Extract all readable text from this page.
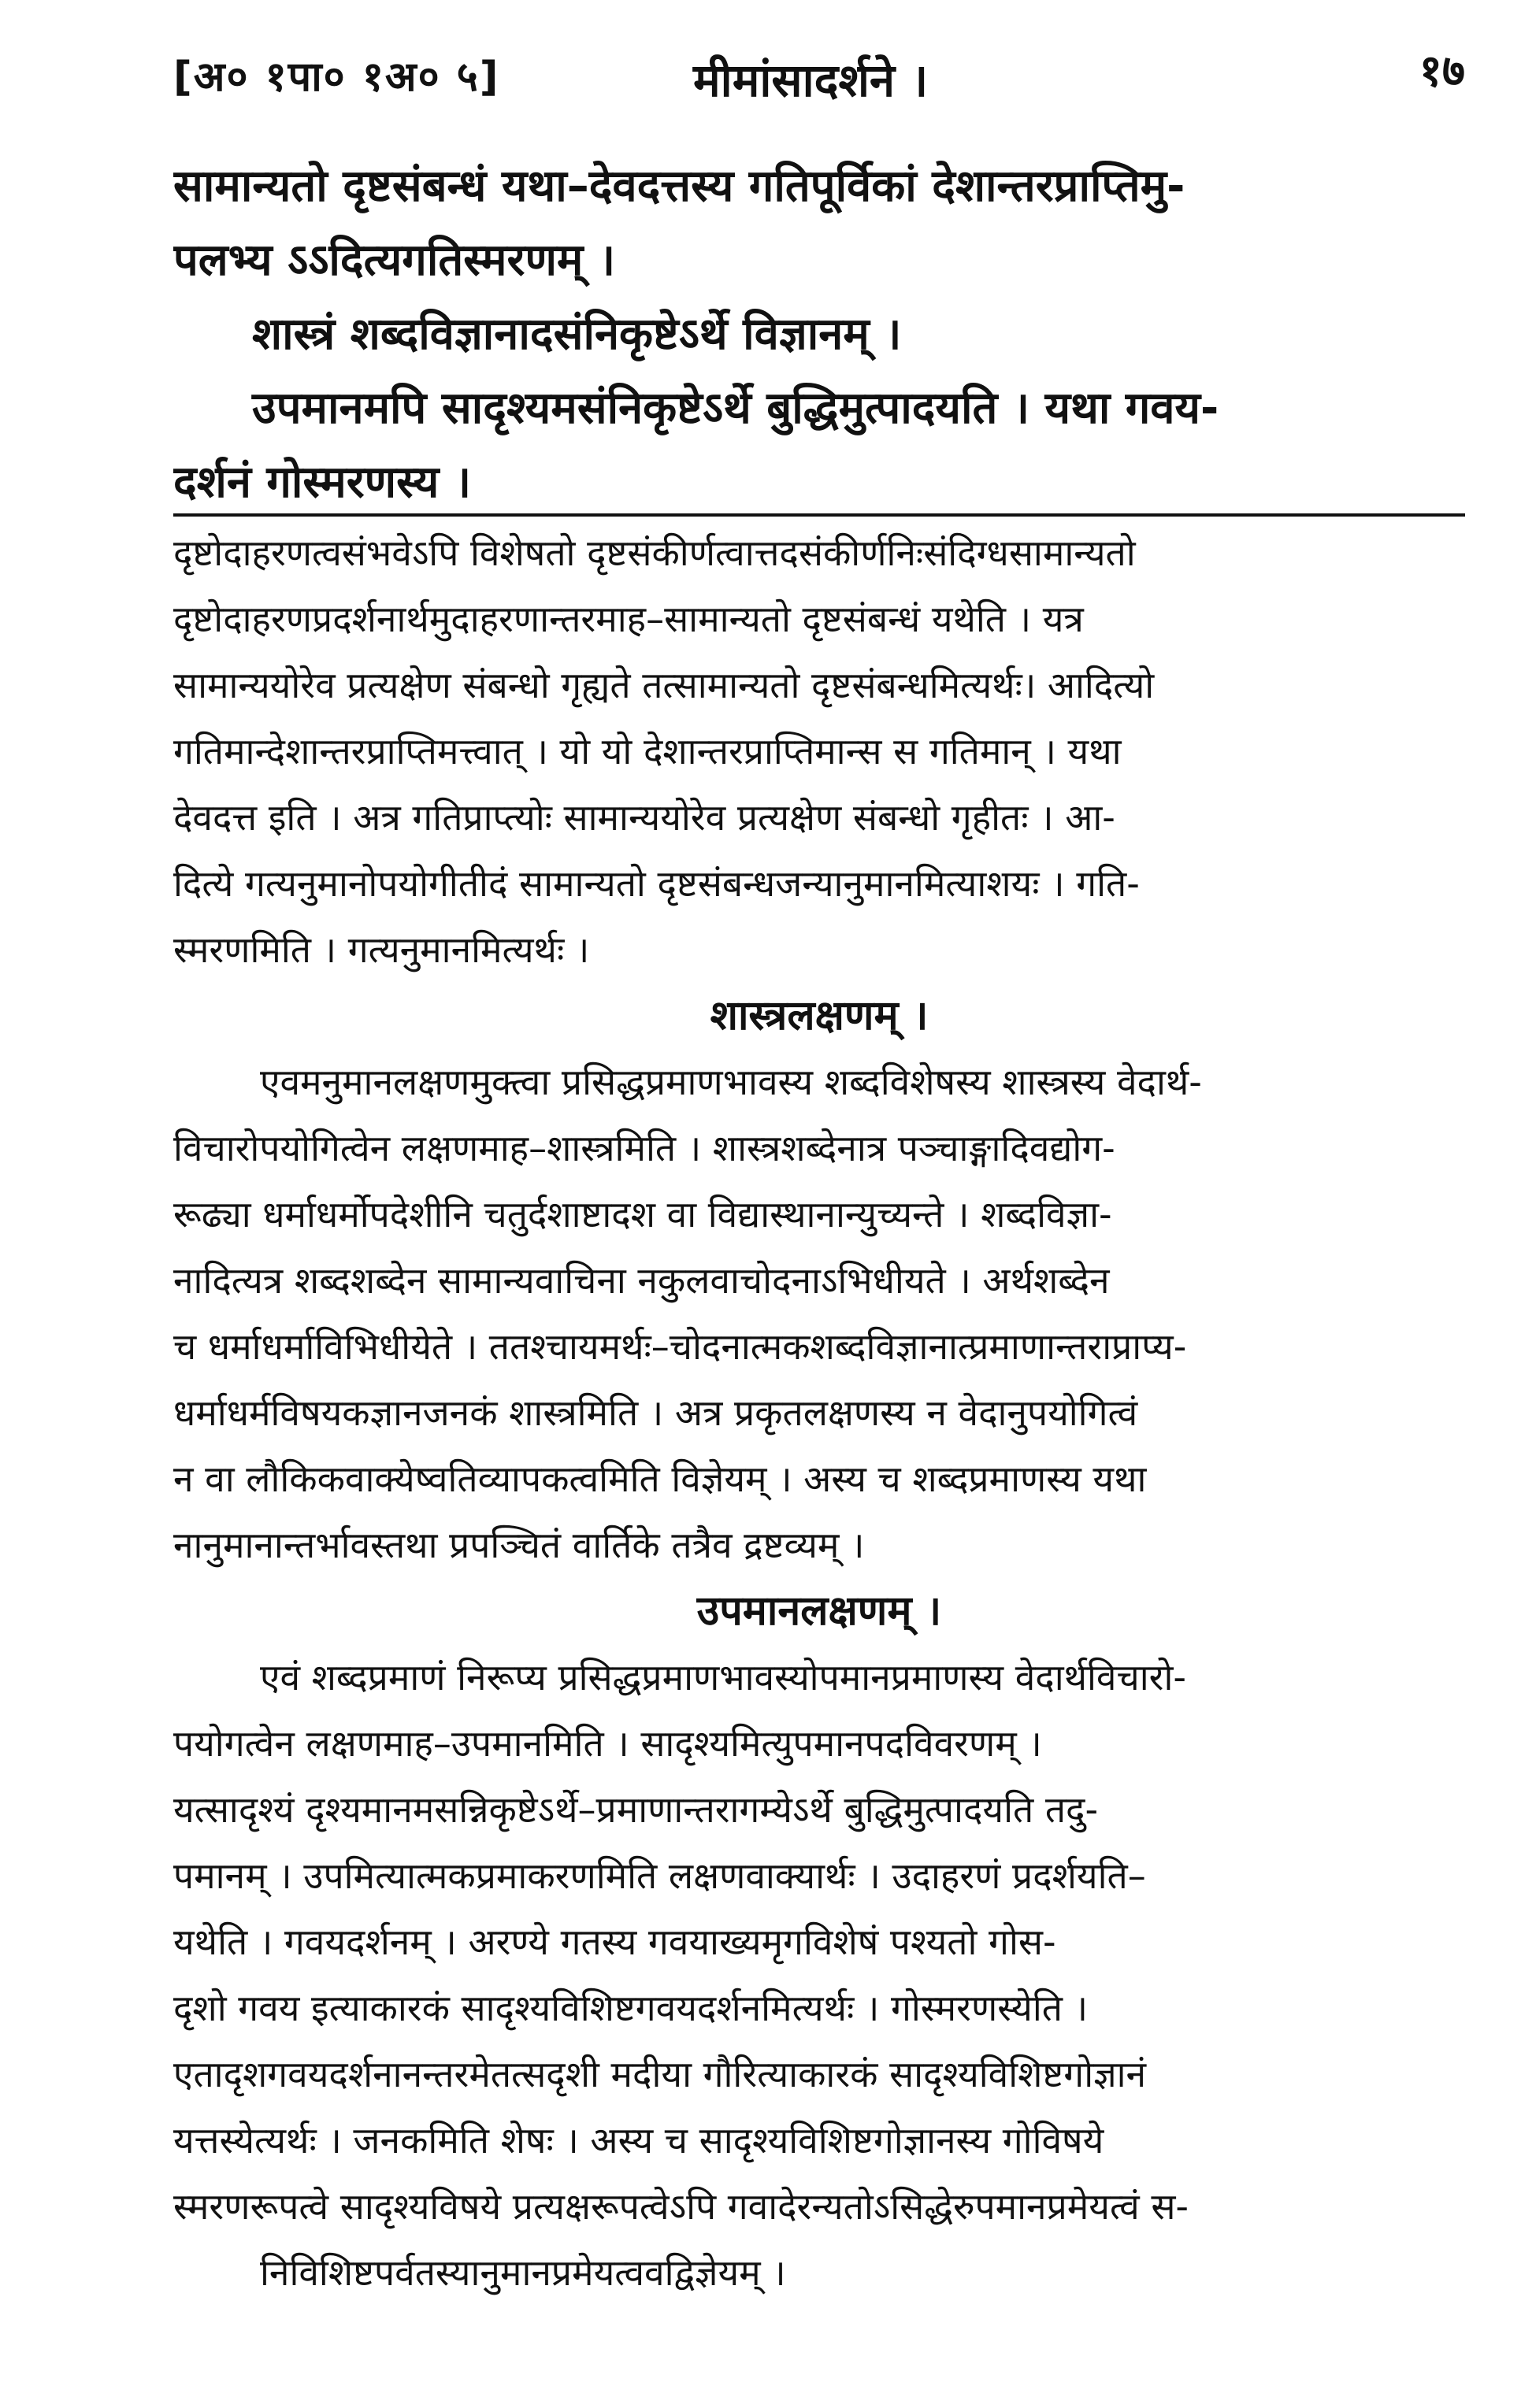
[अ० १पा० १अ० ५]	मीमांसादर्शने ।	१७
सामान्यतो दृष्टसंबन्धं यथा–देवदत्तस्य गतिपूर्विकां देशान्तरप्राप्तिमु-
पलभ्य ऽऽदित्यगतिस्मरणम् ।
शास्त्रं शब्दविज्ञानादसंनिकृष्टेऽर्थे विज्ञानम् ।
उपमानमपि सादृश्यमसंनिकृष्टेऽर्थे बुद्धिमुत्पादयति । यथा गवय-
दर्शनं गोस्मरणस्य ।
दृष्टोदाहरणत्वसंभवेऽपि विशेषतो दृष्टसंकीर्णत्वात्तदसंकीर्णनिःसंदिग्धसामान्यतो
दृष्टोदाहरणप्रदर्शनार्थमुदाहरणान्तरमाह–सामान्यतो दृष्टसंबन्धं यथेति । यत्र
सामान्ययोरेव प्रत्यक्षेण संबन्धो गृह्यते तत्सामान्यतो दृष्टसंबन्धमित्यर्थः। आदित्यो
गतिमान्देशान्तरप्राप्तिमत्त्वात् । यो यो देशान्तरप्राप्तिमान्स स गतिमान् । यथा
देवदत्त इति । अत्र गतिप्राप्त्योः सामान्ययोरेव प्रत्यक्षेण संबन्धो गृहीतः । आ-
दित्ये गत्यनुमानोपयोगीतीदं सामान्यतो दृष्टसंबन्धजन्यानुमानमित्याशयः । गति-
स्मरणमिति । गत्यनुमानमित्यर्थः ।
शास्त्रलक्षणम् ।
एवमनुमानलक्षणमुक्त्वा प्रसिद्धप्रमाणभावस्य शब्दविशेषस्य शास्त्रस्य वेदार्थ-
विचारोपयोगित्वेन लक्षणमाह–शास्त्रमिति । शास्त्रशब्देनात्र पञ्चाङ्गादिवद्योग-
रूढ्या धर्माधर्मोपदेशीनि चतुर्दशाष्टादश वा विद्यास्थानान्युच्यन्ते । शब्दविज्ञा-
नादित्यत्र शब्दशब्देन सामान्यवाचिना नकुलवाचोदनाऽभिधीयते । अर्थशब्देन
च धर्माधर्माविभिधीयेते । ततश्चायमर्थः–चोदनात्मकशब्दविज्ञानात्प्रमाणान्तराप्राप्य-
धर्माधर्मविषयकज्ञानजनकं शास्त्रमिति । अत्र प्रकृतलक्षणस्य न वेदानुपयोगित्वं
न वा लौकिकवाक्येष्वतिव्यापकत्वमिति विज्ञेयम् । अस्य च शब्दप्रमाणस्य यथा
नानुमानान्तर्भावस्तथा प्रपञ्चितं वार्तिके तत्रैव द्रष्टव्यम् ।
उपमानलक्षणम् ।
एवं शब्दप्रमाणं निरूप्य प्रसिद्धप्रमाणभावस्योपमानप्रमाणस्य वेदार्थविचारो-
पयोगत्वेन लक्षणमाह–उपमानमिति । सादृश्यमित्युपमानपदविवरणम् ।
यत्सादृश्यं दृश्यमानमसन्निकृष्टेऽर्थे–प्रमाणान्तरागम्येऽर्थे बुद्धिमुत्पादयति तदु-
पमानम् । उपमित्यात्मकप्रमाकरणमिति लक्षणवाक्यार्थः । उदाहरणं प्रदर्शयति–
यथेति । गवयदर्शनम् । अरण्ये गतस्य गवयाख्यमृगविशेषं पश्यतो गोस-
दृशो गवय इत्याकारकं सादृश्यविशिष्टगवयदर्शनमित्यर्थः । गोस्मरणस्येति ।
एतादृशगवयदर्शनानन्तरमेतत्सदृशी मदीया गौरित्याकारकं सादृश्यविशिष्टगोज्ञानं
यत्तस्येत्यर्थः । जनकमिति शेषः । अस्य च सादृश्यविशिष्टगोज्ञानस्य गोविषये
स्मरणरूपत्वे सादृश्यविषये प्रत्यक्षरूपत्वेऽपि गवादेरन्यतोऽसिद्धेरुपमानप्रमेयत्वं स-
निविशिष्टपर्वतस्यानुमानप्रमेयत्ववद्विज्ञेयम् ।
